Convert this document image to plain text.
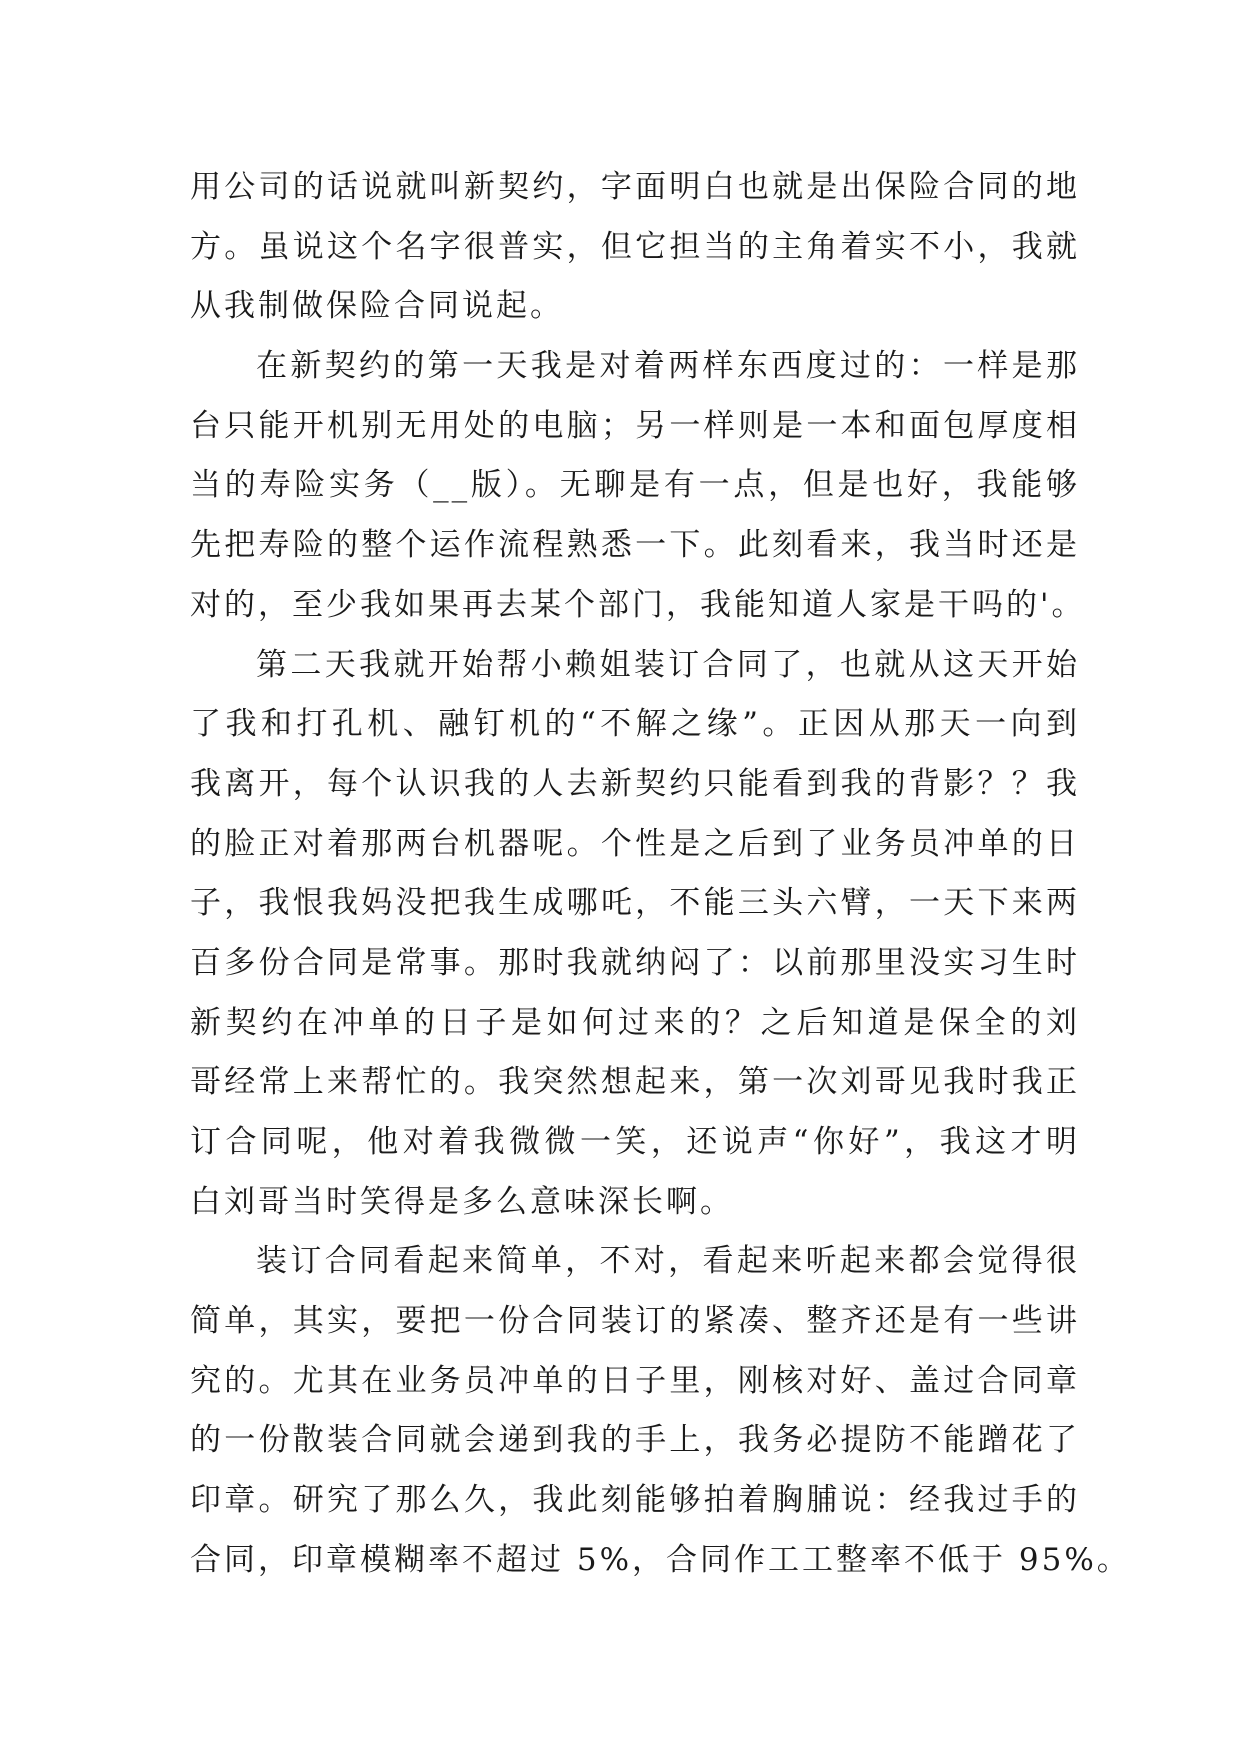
用公司的话说就叫新契约，字面明白也就是出保险合同的地
方。虽说这个名字很普实，但它担当的主角着实不小，我就
从我制做保险合同说起。
在新契约的第一天我是对着两样东西度过的：一样是那
台只能开机别无用处的电脑；另一样则是一本和面包厚度相
当的寿险实务（__版）。无聊是有一点，但是也好，我能够
先把寿险的整个运作流程熟悉一下。此刻看来，我当时还是
对的，至少我如果再去某个部门，我能知道人家是干吗的'。
第二天我就开始帮小赖姐装订合同了，也就从这天开始
了我和打孔机、融钉机的“不解之缘”。正因从那天一向到
我离开，每个认识我的人去新契约只能看到我的背影？？我
的脸正对着那两台机器呢。个性是之后到了业务员冲单的日
子，我恨我妈没把我生成哪吒，不能三头六臂，一天下来两
百多份合同是常事。那时我就纳闷了：以前那里没实习生时
新契约在冲单的日子是如何过来的？之后知道是保全的刘
哥经常上来帮忙的。我突然想起来，第一次刘哥见我时我正
订合同呢，他对着我微微一笑，还说声“你好”，我这才明
白刘哥当时笑得是多么意味深长啊。
装订合同看起来简单，不对，看起来听起来都会觉得很
简单，其实，要把一份合同装订的紧凑、整齐还是有一些讲
究的。尤其在业务员冲单的日子里，刚核对好、盖过合同章
的一份散装合同就会递到我的手上，我务必提防不能蹭花了
印章。研究了那么久，我此刻能够拍着胸脯说：经我过手的
合同，印章模糊率不超过 5%，合同作工工整率不低于 95%。
